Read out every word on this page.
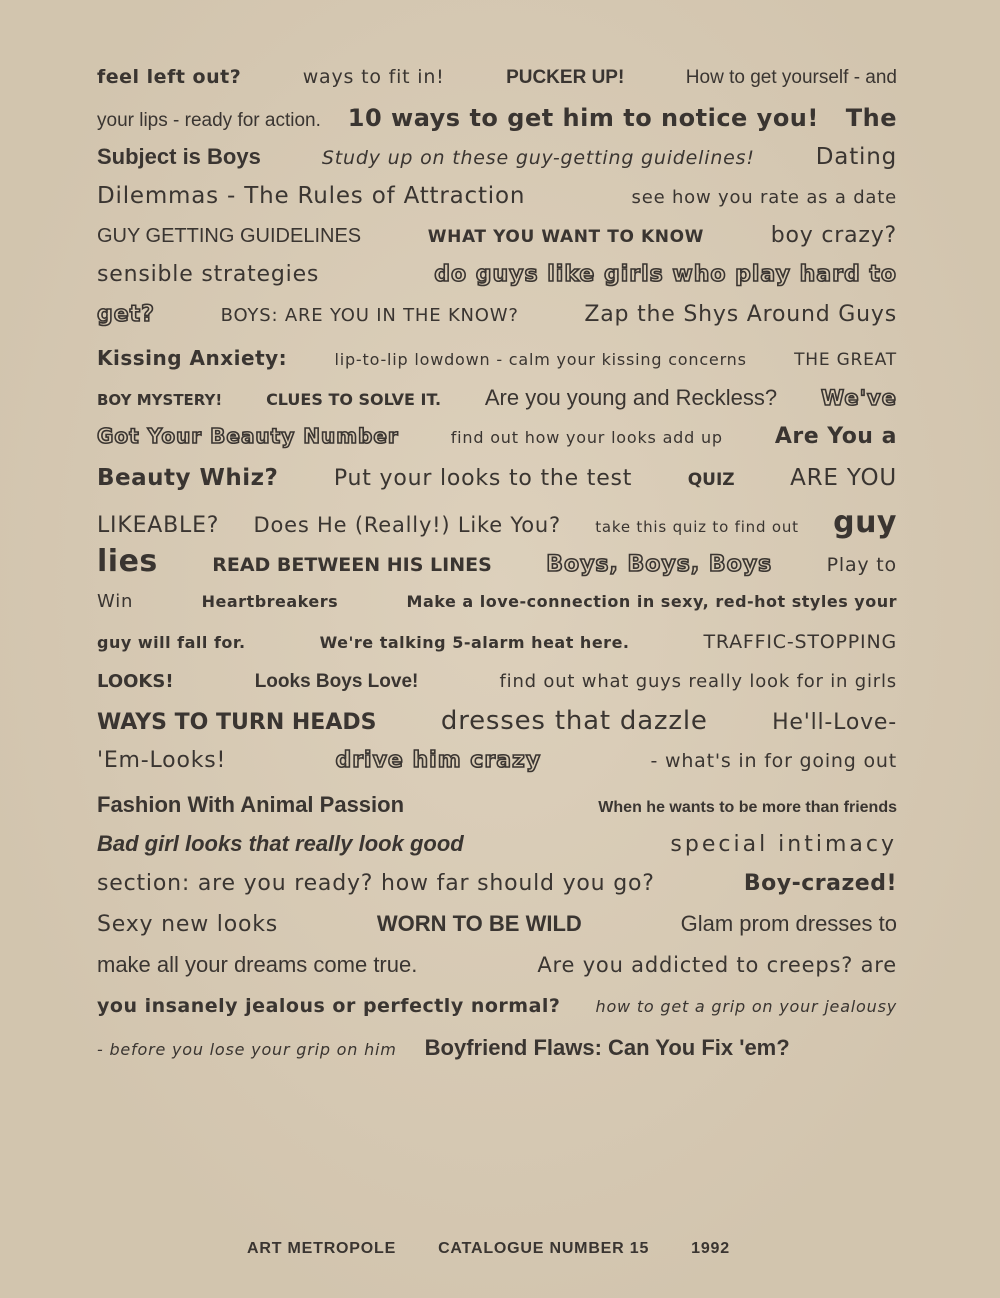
feel left out?	ways to fit in!	PUCKER UP!	How to get yourself - and
your lips - ready for action. 10 ways to get him to notice you! The
Subject is Boys	Study up on these guy-getting guidelines!	Dating
Dilemmas - The Rules of Attraction	see how you rate as a date
GUY GETTING GUIDELINES	WHAT YOU WANT TO KNOW	boy crazy?
sensible strategies	do guys like girls who play hard to
get?	BOYS: ARE YOU IN THE KNOW?	Zap the Shys Around Guys
Kissing Anxiety:	lip-to-lip lowdown - calm your kissing concerns	THE GREAT
BOY MYSTERY!	CLUES TO SOLVE IT. Are you young and Reckless? We've
Got Your Beauty Number	find out how your looks add up Are You a
Beauty Whiz?	Put your looks to the test	QUIZ ARE YOU
LIKEABLE? Does He (Really!) Like You? take this quiz to find out guy
lies	READ BETWEEN HIS LINES Boys, Boys, Boys	Play to
Win	Heartbreakers	Make a love-connection in sexy, red-hot styles your
guy will fall for.	We're talking 5-alarm heat here.	TRAFFIC-STOPPING
LOOKS!	Looks Boys Love!	find out what guys really look for in girls
WAYS TO TURN HEADS dresses that dazzle	He'll-Love-
'Em-Looks!	drive him crazy	- what's in for going out
Fashion With Animal Passion	When he wants to be more than friends
Bad girl looks that really look good	special intimacy
section: are you ready? how far should you go?	Boy-crazed!
Sexy new looks	WORN TO BE WILD	Glam prom dresses to
make all your dreams come true.	Are you addicted to creeps? are
you insanely jealous or perfectly normal? how to get a grip on your jealousy
- before you lose your grip on him Boyfriend Flaws: Can You Fix 'em?
ART METROPOLE	CATALOGUE NUMBER 15	1992
